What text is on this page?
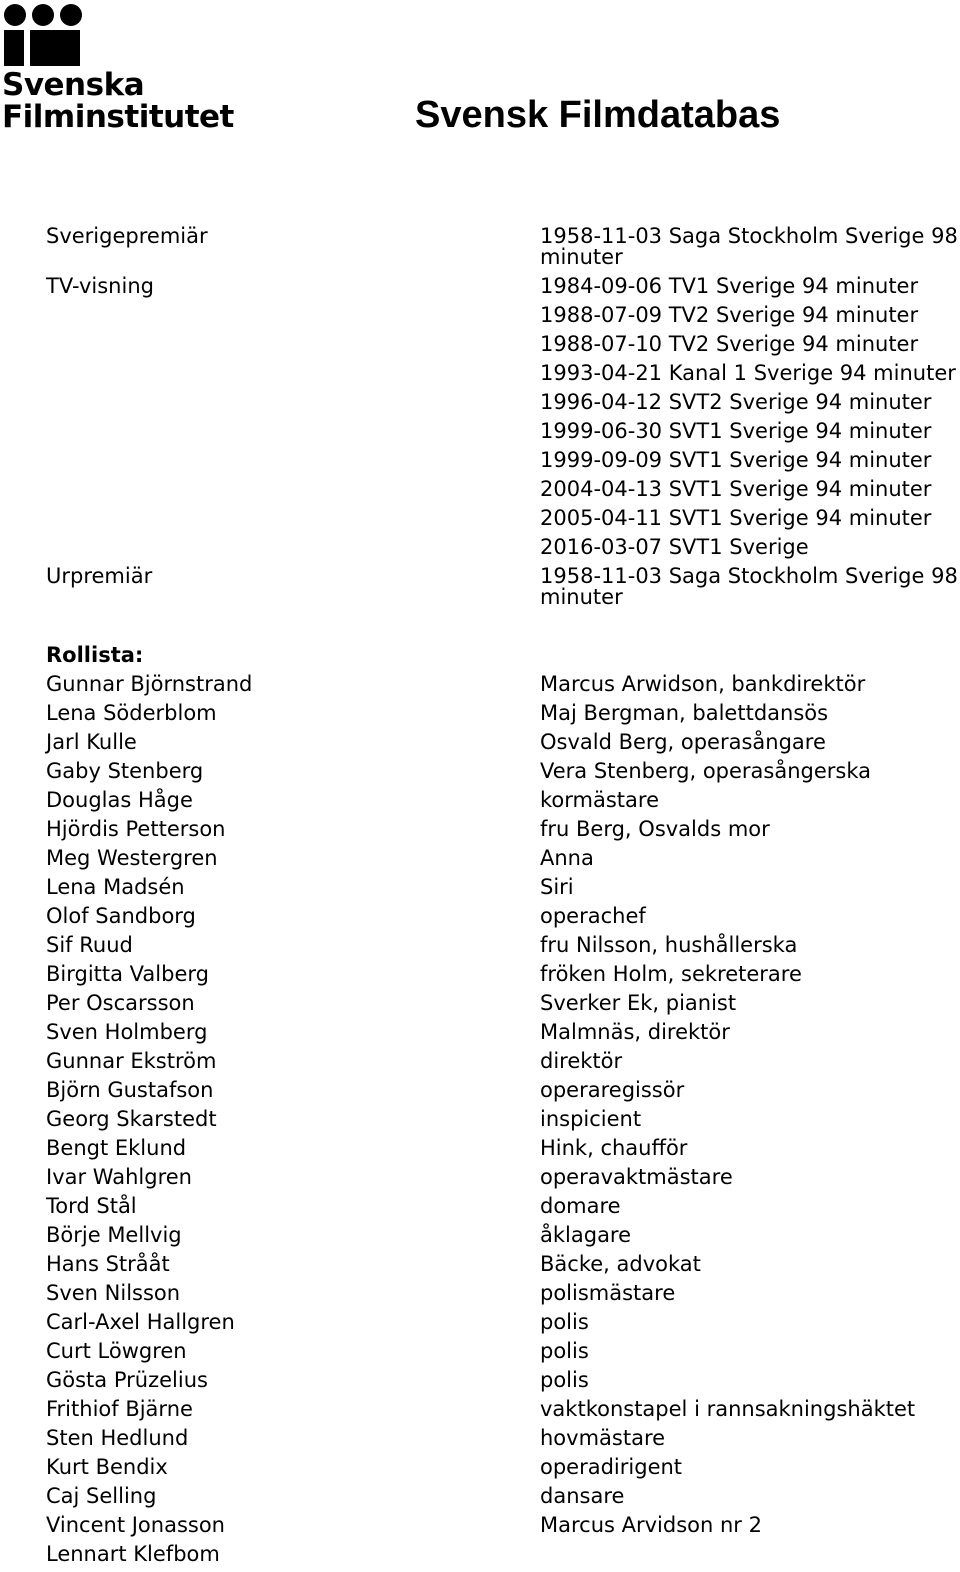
Svenska
Filminstitutet	Svensk Filmdatabas
Sverigepremiär	1958-11-03 Saga Stockholm Sverige 98 minuter
TV-visning	1984-09-06 TV1 Sverige 94 minuter
1988-07-09 TV2 Sverige 94 minuter
1988-07-10 TV2 Sverige 94 minuter
1993-04-21 Kanal 1 Sverige 94 minuter
1996-04-12 SVT2 Sverige 94 minuter
1999-06-30 SVT1 Sverige 94 minuter
1999-09-09 SVT1 Sverige 94 minuter
2004-04-13 SVT1 Sverige 94 minuter
2005-04-11 SVT1 Sverige 94 minuter
2016-03-07 SVT1 Sverige
Urpremiär	1958-11-03 Saga Stockholm Sverige 98 minuter
Rollista:
Gunnar Björnstrand	Marcus Arwidson, bankdirektör
Lena Söderblom	Maj Bergman, balettdansös
Jarl Kulle	Osvald Berg, operasångare
Gaby Stenberg	Vera Stenberg, operasångerska
Douglas Håge	kormästare
Hjördis Petterson	fru Berg, Osvalds mor
Meg Westergren	Anna
Lena Madsén	Siri
Olof Sandborg	operachef
Sif Ruud	fru Nilsson, hushållerska
Birgitta Valberg	fröken Holm, sekreterare
Per Oscarsson	Sverker Ek, pianist
Sven Holmberg	Malmnäs, direktör
Gunnar Ekström	direktör
Björn Gustafson	operaregissör
Georg Skarstedt	inspicient
Bengt Eklund	Hink, chaufför
Ivar Wahlgren	operavaktmästare
Tord Stål	domare
Börje Mellvig	åklagare
Hans Strååt	Bäcke, advokat
Sven Nilsson	polismästare
Carl-Axel Hallgren	polis
Curt Löwgren	polis
Gösta Prüzelius	polis
Frithiof Bjärne	vaktkonstapel i rannsakningshäktet
Sten Hedlund	hovmästare
Kurt Bendix	operadirigent
Caj Selling	dansare
Vincent Jonasson	Marcus Arvidson nr 2
Lennart Klefbom
